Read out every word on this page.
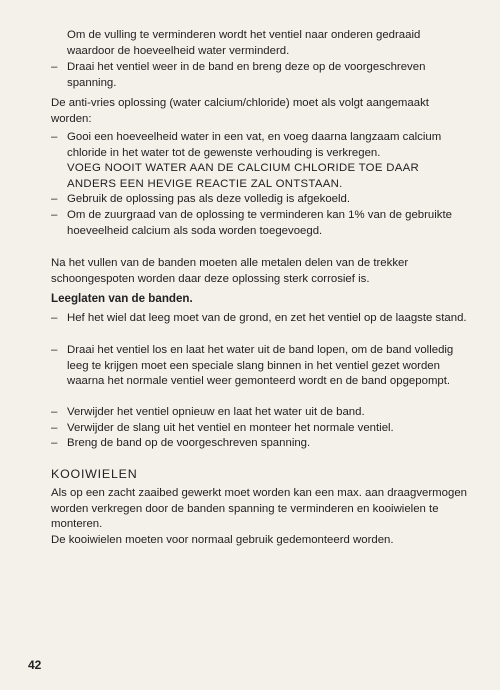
Om de vulling te verminderen wordt het ventiel naar onderen gedraaid waardoor de hoeveelheid water verminderd.
– Draai het ventiel weer in de band en breng deze op de voorgeschreven spanning.
De anti-vries oplossing (water calcium/chloride) moet als volgt aangemaakt worden:
– Gooi een hoeveelheid water in een vat, en voeg daarna langzaam calcium chloride in het water tot de gewenste verhouding is verkregen.
VOEG NOOIT WATER AAN DE CALCIUM CHLORIDE TOE DAAR ANDERS EEN HEVIGE REACTIE ZAL ONTSTAAN.
– Gebruik de oplossing pas als deze volledig is afgekoeld.
– Om de zuurgraad van de oplossing te verminderen kan 1% van de gebruikte hoeveelheid calcium als soda worden toegevoegd.
Na het vullen van de banden moeten alle metalen delen van de trekker schoongespoten worden daar deze oplossing sterk corrosief is.
Leeglaten van de banden.
– Hef het wiel dat leeg moet van de grond, en zet het ventiel op de laagste stand.
– Draai het ventiel los en laat het water uit de band lopen, om de band volledig leeg te krijgen moet een speciale slang binnen in het ventiel gezet worden waarna het normale ventiel weer gemonteerd wordt en de band opgepompt.
– Verwijder het ventiel opnieuw en laat het water uit de band.
– Verwijder de slang uit het ventiel en monteer het normale ventiel.
– Breng de band op de voorgeschreven spanning.
KOOIWIELEN
Als op een zacht zaaibed gewerkt moet worden kan een max. aan draagvermogen worden verkregen door de banden spanning te verminderen en kooiwielen te monteren.
De kooiwielen moeten voor normaal gebruik gedemonteerd worden.
42
